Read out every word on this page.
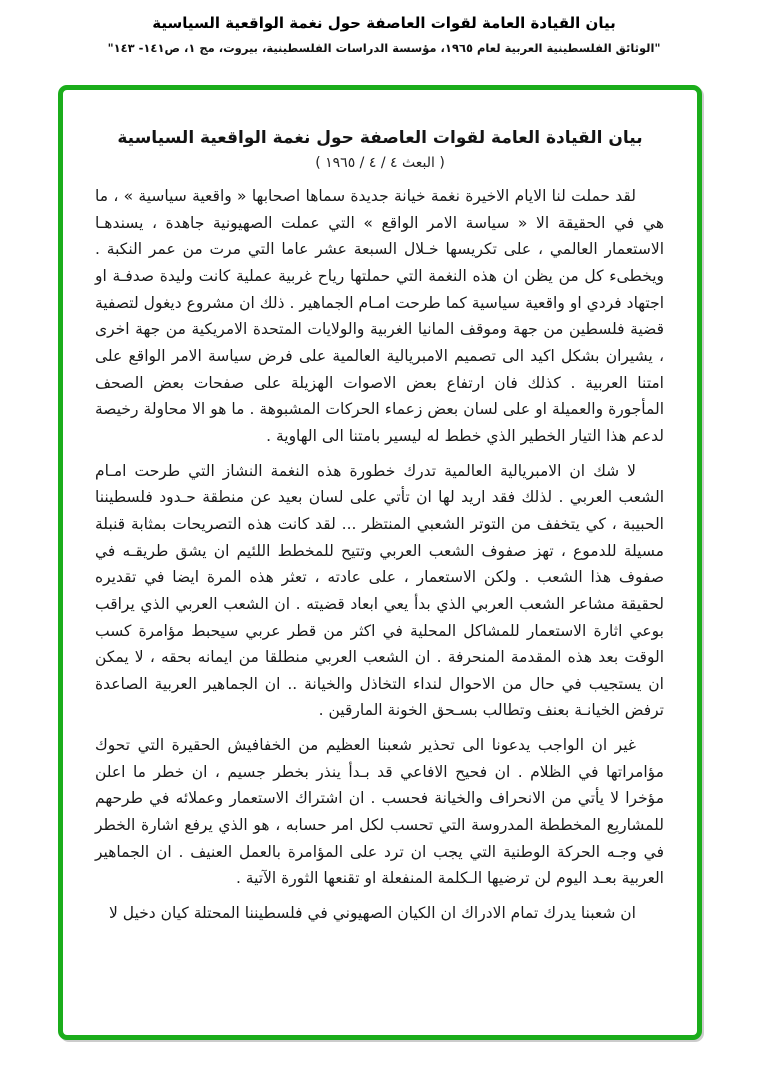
بيان القيادة العامة لقوات العاصفة حول نغمة الواقعية السياسية
"الوثائق الفلسطينية العربية لعام ١٩٦٥، مؤسسة الدراسات الفلسطينية، بيروت، مج ١، ص١٤١- ١٤٣"
بيان القيادة العامة لقوات العاصفة حول نغمة الواقعية السياسية
( البعث ٤ / ٤ / ١٩٦٥ )

لقد حملت لنا الايام الاخيرة نغمة خيانة جديدة سماها اصحابها « واقعية سياسية » ، ما هي في الحقيقة الا « سياسة الامر الواقع » التي عملت الصهيونية جاهدة ، يسندهـا الاستعمار العالمي ، على تكريسها خـلال السبعة عشر عاما التي مرت من عمر النكبة . ويخطىء كل من يظن ان هذه النغمة التي حملتها رياح غربية عملية كانت وليدة صدفـة او اجتهاد فردي او واقعية سياسية كما طرحت امـام الجماهير . ذلك ان مشروع ديغول لتصفية قضية فلسطين من جهة وموقف المانيا الغربية والولايات المتحدة الامريكية من جهة اخرى ، يشيران بشكل اكيد الى تصميم الامبريالية العالمية على فرض سياسة الامر الواقع على امتنا العربية . كذلك فان ارتفاع بعض الاصوات الهزيلة على صفحات بعض الصحف المأجورة والعميلة او على لسان بعض زعماء الحركات المشبوهة . ما هو الا محاولة رخيصة لدعم هذا التيار الخطير الذي خطط له ليسير بامتنا الى الهاوية .

لا شك ان الامبريالية العالمية تدرك خطورة هذه النغمة النشاز التي طرحت امـام الشعب العربي . لذلك فقد اريد لها ان تأتي على لسان بعيد عن منطقة حـدود فلسطيننا الحبيبة ، كي يتخفف من التوتر الشعبي المنتظر ... لقد كانت هذه التصريحات بمثابة قنبلة مسيلة للدموع ، تهز صفوف الشعب العربي وتتيح للمخطط اللئيم ان يشق طريقـه في صفوف هذا الشعب . ولكن الاستعمار ، على عادته ، تعثر هذه المرة ايضا في تقديره لحقيقة مشاعر الشعب العربي الذي بدأ يعي ابعاد قضيته . ان الشعب العربي الذي يراقب بوعي اثارة الاستعمار للمشاكل المحلية في اكثر من قطر عربي سيحبط مؤامرة كسب الوقت بعد هذه المقدمة المنحرفة . ان الشعب العربي منطلقا من ايمانه بحقه ، لا يمكن ان يستجيب في حال من الاحوال لنداء التخاذل والخيانة .. ان الجماهير العربية الصاعدة ترفض الخيانـة بعنف وتطالب بسـحق الخونة المارقين .

غير ان الواجب يدعونا الى تحذير شعبنا العظيم من الخفافيش الحقيرة التي تحوك مؤامراتها في الظلام . ان فحيح الافاعي قد بـدأ ينذر بخطر جسيم ، ان خطر ما اعلن مؤخرا لا يأتي من الانحراف والخيانة فحسب . ان اشتراك الاستعمار وعملائه في طرحهم للمشاريع المخططة المدروسة التي تحسب لكل امر حسابه ، هو الذي يرفع اشارة الخطر في وجـه الحركة الوطنية التي يجب ان ترد على المؤامرة بالعمل العنيف . ان الجماهير العربية بعـد اليوم لن ترضيها الـكلمة المنفعلة او تقنعها الثورة الآتية .

ان شعبنا يدرك تمام الادراك ان الكيان الصهيوني في فلسطيننا المحتلة كيان دخيل لا
